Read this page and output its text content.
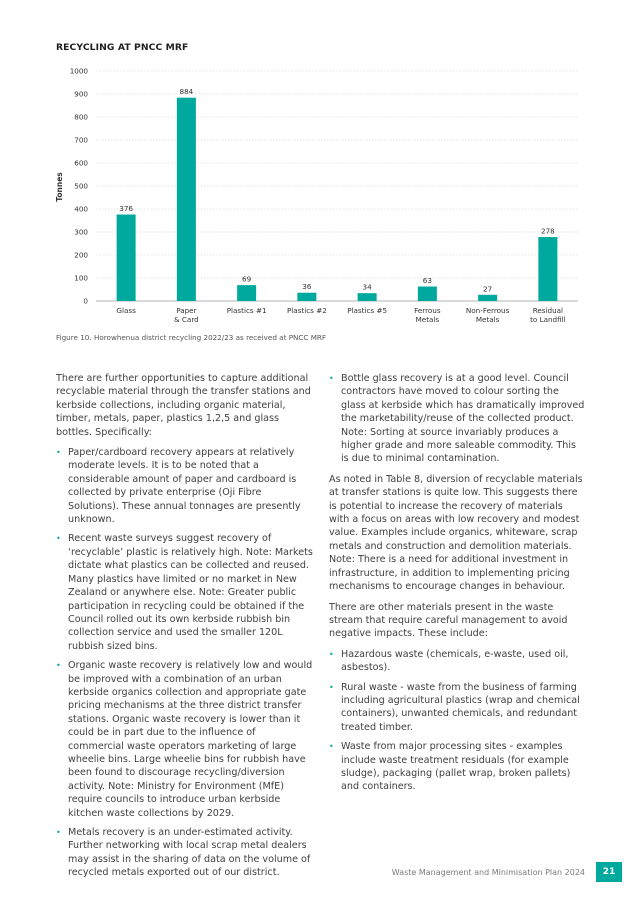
RECYCLING AT PNCC MRF
0
100
200
300
400
500
600
700
800
900
1000
376
884
69
36	34
63
27
278
Glass	Paper & Card
Plastics #1	Plastics #2	Plastics #5	Ferrous Metals
Non-Ferrous Metals
Residual to Landfill
Tonnes
Figure 10. Horowhenua district recycling 2022/23 as received at PNCC MRF

There are further opportunities to capture additional recyclable material through the transfer stations and kerbside collections, including organic material, timber, metals, paper, plastics 1,2,5 and glass bottles. Specifically:

• Paper/cardboard recovery appears at relatively moderate levels. It is to be noted that a considerable amount of paper and cardboard is collected by private enterprise (Oji Fibre Solutions). These annual tonnages are presently unknown.
• Recent waste surveys suggest recovery of ‘recyclable’ plastic is relatively high. Note: Markets dictate what plastics can be collected and reused. Many plastics have limited or no market in New Zealand or anywhere else. Note: Greater public participation in recycling could be obtained if the Council rolled out its own kerbside rubbish bin collection service and used the smaller 120L rubbish sized bins.
• Organic waste recovery is relatively low and would be improved with a combination of an urban kerbside organics collection and appropriate gate pricing mechanisms at the three district transfer stations. Organic waste recovery is lower than it could be in part due to the influence of commercial waste operators marketing of large wheelie bins. Large wheelie bins for rubbish have been found to discourage recycling/diversion activity. Note: Ministry for Environment (MfE) require councils to introduce urban kerbside kitchen waste collections by 2029.
• Metals recovery is an under-estimated activity. Further networking with local scrap metal dealers may assist in the sharing of data on the volume of recycled metals exported out of our district.
• Bottle glass recovery is at a good level. Council contractors have moved to colour sorting the glass at kerbside which has dramatically improved the marketability/reuse of the collected product. Note: Sorting at source invariably produces a higher grade and more saleable commodity. This is due to minimal contamination.

As noted in Table 8, diversion of recyclable materials at transfer stations is quite low. This suggests there is potential to increase the recovery of materials with a focus on areas with low recovery and modest value. Examples include organics, whiteware, scrap metals and construction and demolition materials. Note: There is a need for additional investment in infrastructure, in addition to implementing pricing mechanisms to encourage changes in behaviour.

There are other materials present in the waste stream that require careful management to avoid negative impacts. These include:

• Hazardous waste (chemicals, e-waste, used oil, asbestos).
• Rural waste - waste from the business of farming including agricultural plastics (wrap and chemical containers), unwanted chemicals, and redundant treated timber.
• Waste from major processing sites - examples include waste treatment residuals (for example sludge), packaging (pallet wrap, broken pallets) and containers.
Waste Management and Minimisation Plan 2024	21
